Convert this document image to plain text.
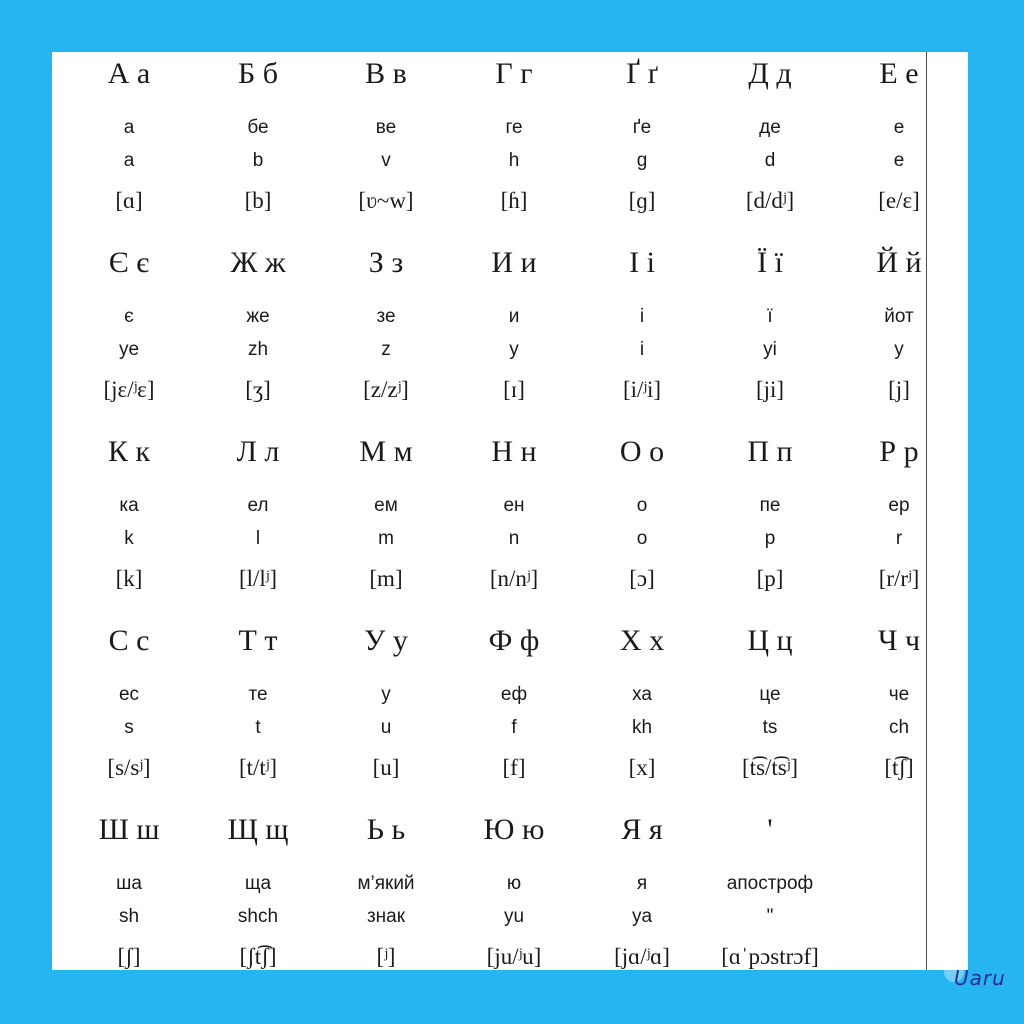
А а
а
a
[ɑ]
Б б
бе
b
[b]
В в
ве
v
[ʋ~w]
Г г
ге
h
[ɦ]
Ґ ґ
ґе
g
[ɡ]
Д д
де
d
[d/dʲ]
Е е
е
e
[e/ɛ]
Є є
є
ye
[jɛ/ʲɛ]
Ж ж
же
zh
[ʒ]
З з
зе
z
[z/zʲ]
И и
и
y
[ɪ]
І і
і
i
[i/ʲi]
Ї ї
ї
yi
[ji]
Й й
йот
y
[j]
К к
ка
k
[k]
Л л
ел
l
[l/lʲ]
М м
ем
m
[m]
Н н
ен
n
[n/nʲ]
О о
о
o
[ɔ]
П п
пе
p
[p]
Р р
ер
r
[r/rʲ]
С с
ес
s
[s/sʲ]
Т т
те
t
[t/tʲ]
У у
у
u
[u]
Ф ф
еф
f
[f]
Х х
ха
kh
[x]
Ц ц
це
ts
[t͡s/t͡sʲ]
Ч ч
че
ch
[t͡ʃ]
Ш ш
ша
sh
[ʃ]
Щ щ
ща
shch
[ʃt͡ʃ]
Ь ь
м’який
знак
[ʲ]
Ю ю
ю
yu
[ju/ʲu]
Я я
я
ya
[jɑ/ʲɑ]
'
апостроф
"
[ɑˈpɔstrɔf]
Uaru
